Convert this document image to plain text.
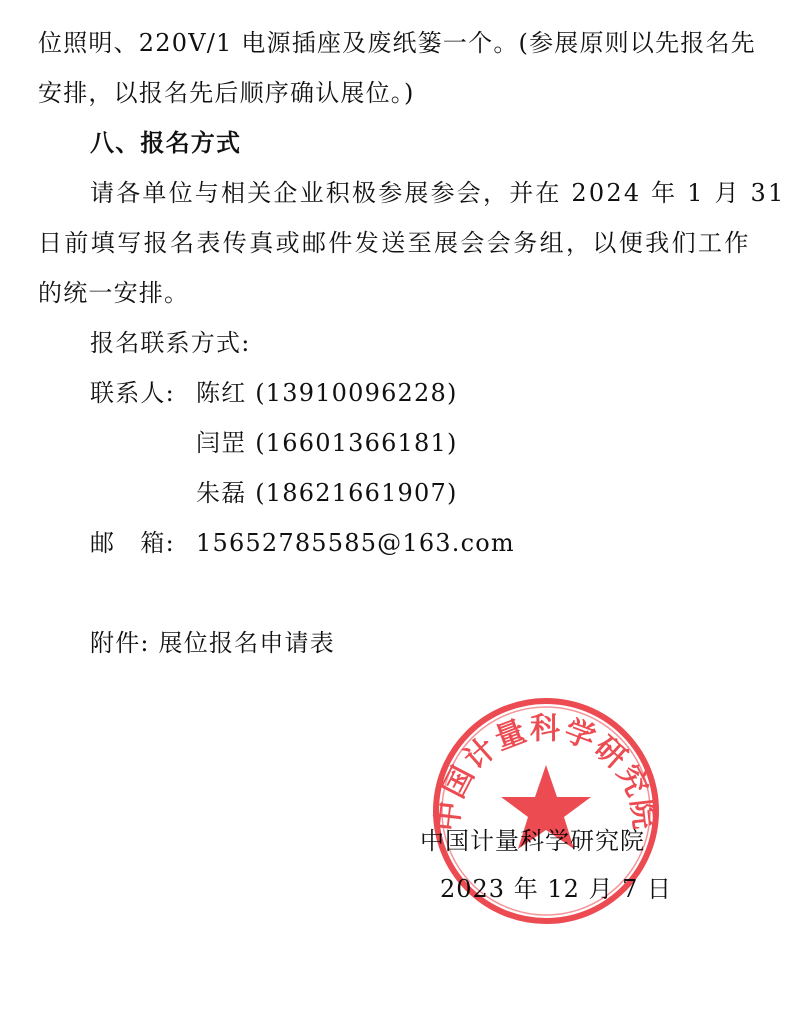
位照明、220V/1 电源插座及废纸篓一个。(参展原则以先报名先
安排，以报名先后顺序确认展位。)
八、报名方式
请各单位与相关企业积极参展参会，并在 2024 年 1 月 31
日前填写报名表传真或邮件发送至展会会务组，以便我们工作
的统一安排。
报名联系方式:
联系人: 陈红 (13910096228)
闫罡 (16601366181)
朱磊 (18621661907)
邮　箱: 15652785585@163.com
附件: 展位报名申请表
中国计量科学研究院
2023 年 12 月 7 日
中国计量科学研究院
